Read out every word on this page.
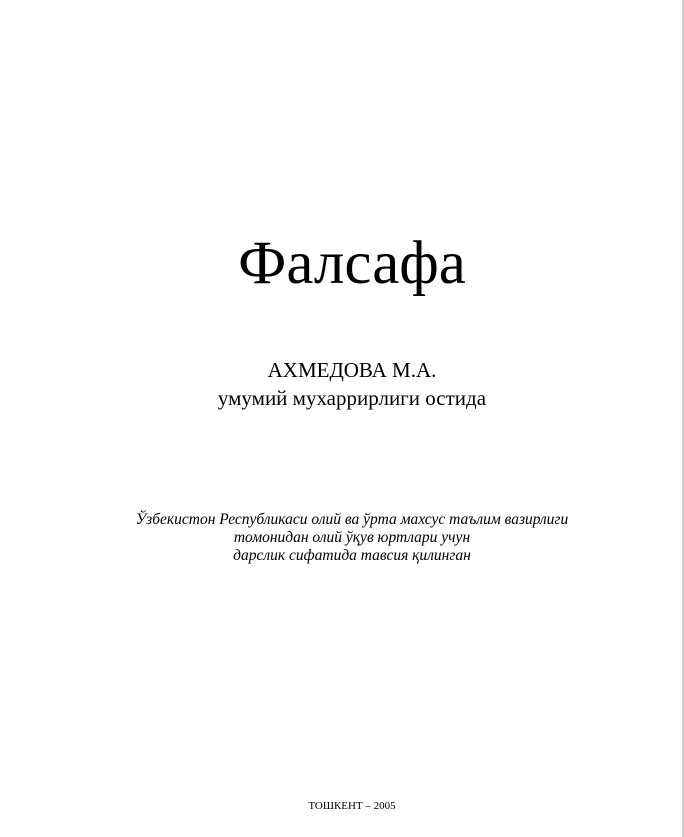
Фалсафа
АХМЕДОВА М.А.
умумий мухаррирлиги остида
Ўзбекистон Республикаси олий ва ўрта махсус таълим вазирлиги
томонидан олий ўқув юртлари учун
дарслик сифатида тавсия қилинган
ТОШКЕНТ – 2005
